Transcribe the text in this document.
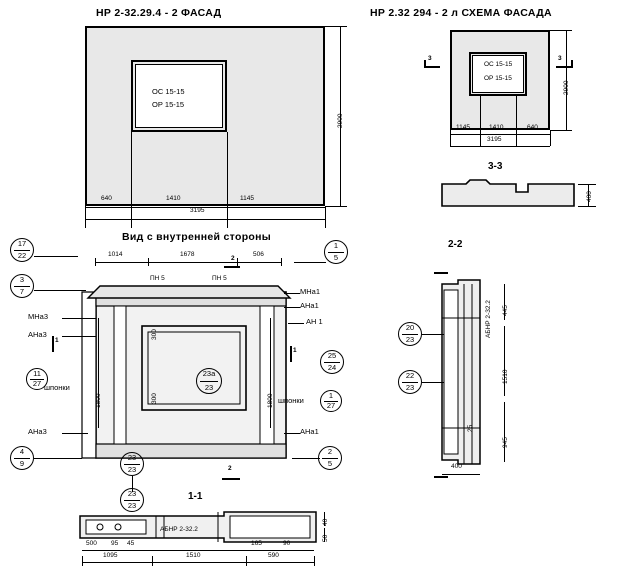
НР 2-32.29.4 - 2 ФАСАД	НР 2.32 294 - 2 л СХЕМА ФАСАДА
ОС 15-15
ОР 15-15
640	1410	1145
3195
2900
ОС 15-15
ОР 15-15
1145	1410	640
3195
2900
3	3
3-3
400
Вид с внутренней стороны
1014	1678	506
ПН 5	ПН 5
300
300
1800	1800
МНа3
АНа3
АНа3
МНа1
АНа1
АН 1
АНа1
шпонки
шпонки
17
22
3
7
11
27
4
9
1
5
25
24
1
27
2
5
23a
23
23
23
1
1
2
2
2-2
АБНР 2-32.2 445
1510
945
25
400
20
23
22
23
1-1
АБНР 2-32.2
23
23
500 95 45	165	90
1095	1510	590
40
50
